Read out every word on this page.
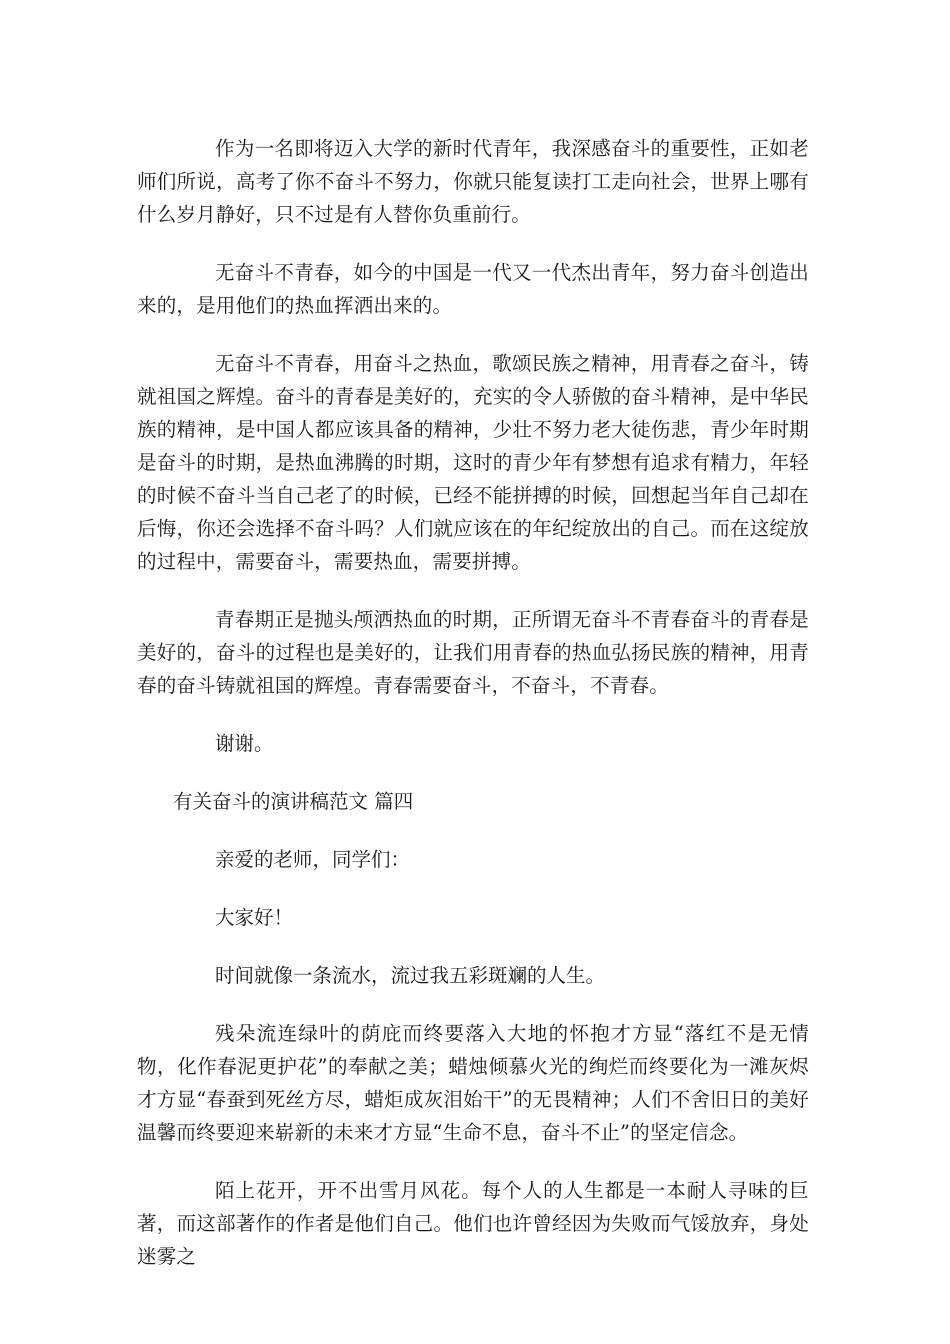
作为一名即将迈入大学的新时代青年，我深感奋斗的重要性，正如老师们所说，高考了你不奋斗不努力，你就只能复读打工走向社会，世界上哪有什么岁月静好，只不过是有人替你负重前行。

无奋斗不青春，如今的中国是一代又一代杰出青年，努力奋斗创造出来的，是用他们的热血挥洒出来的。

无奋斗不青春，用奋斗之热血，歌颂民族之精神，用青春之奋斗，铸就祖国之辉煌。奋斗的青春是美好的，充实的令人骄傲的奋斗精神，是中华民族的精神，是中国人都应该具备的精神，少壮不努力老大徒伤悲，青少年时期是奋斗的时期，是热血沸腾的时期，这时的青少年有梦想有追求有精力，年轻的时候不奋斗当自己老了的时候，已经不能拼搏的时候，回想起当年自己却在后悔，你还会选择不奋斗吗？人们就应该在的年纪绽放出的自己。而在这绽放的过程中，需要奋斗，需要热血，需要拼搏。

青春期正是抛头颅洒热血的时期，正所谓无奋斗不青春奋斗的青春是美好的，奋斗的过程也是美好的，让我们用青春的热血弘扬民族的精神，用青春的奋斗铸就祖国的辉煌。青春需要奋斗，不奋斗，不青春。

谢谢。

有关奋斗的演讲稿范文 篇四

亲爱的老师，同学们：

大家好！

时间就像一条流水，流过我五彩斑斓的人生。

残朵流连绿叶的荫庇而终要落入大地的怀抱才方显“落红不是无情物，化作春泥更护花”的奉献之美；蜡烛倾慕火光的绚烂而终要化为一滩灰烬才方显“春蚕到死丝方尽，蜡炬成灰泪始干”的无畏精神；人们不舍旧日的美好温馨而终要迎来崭新的未来才方显“生命不息，奋斗不止”的坚定信念。

陌上花开，开不出雪月风花。每个人的人生都是一本耐人寻味的巨著，而这部著作的作者是他们自己。他们也许曾经因为失败而气馁放弃，身处迷雾之
